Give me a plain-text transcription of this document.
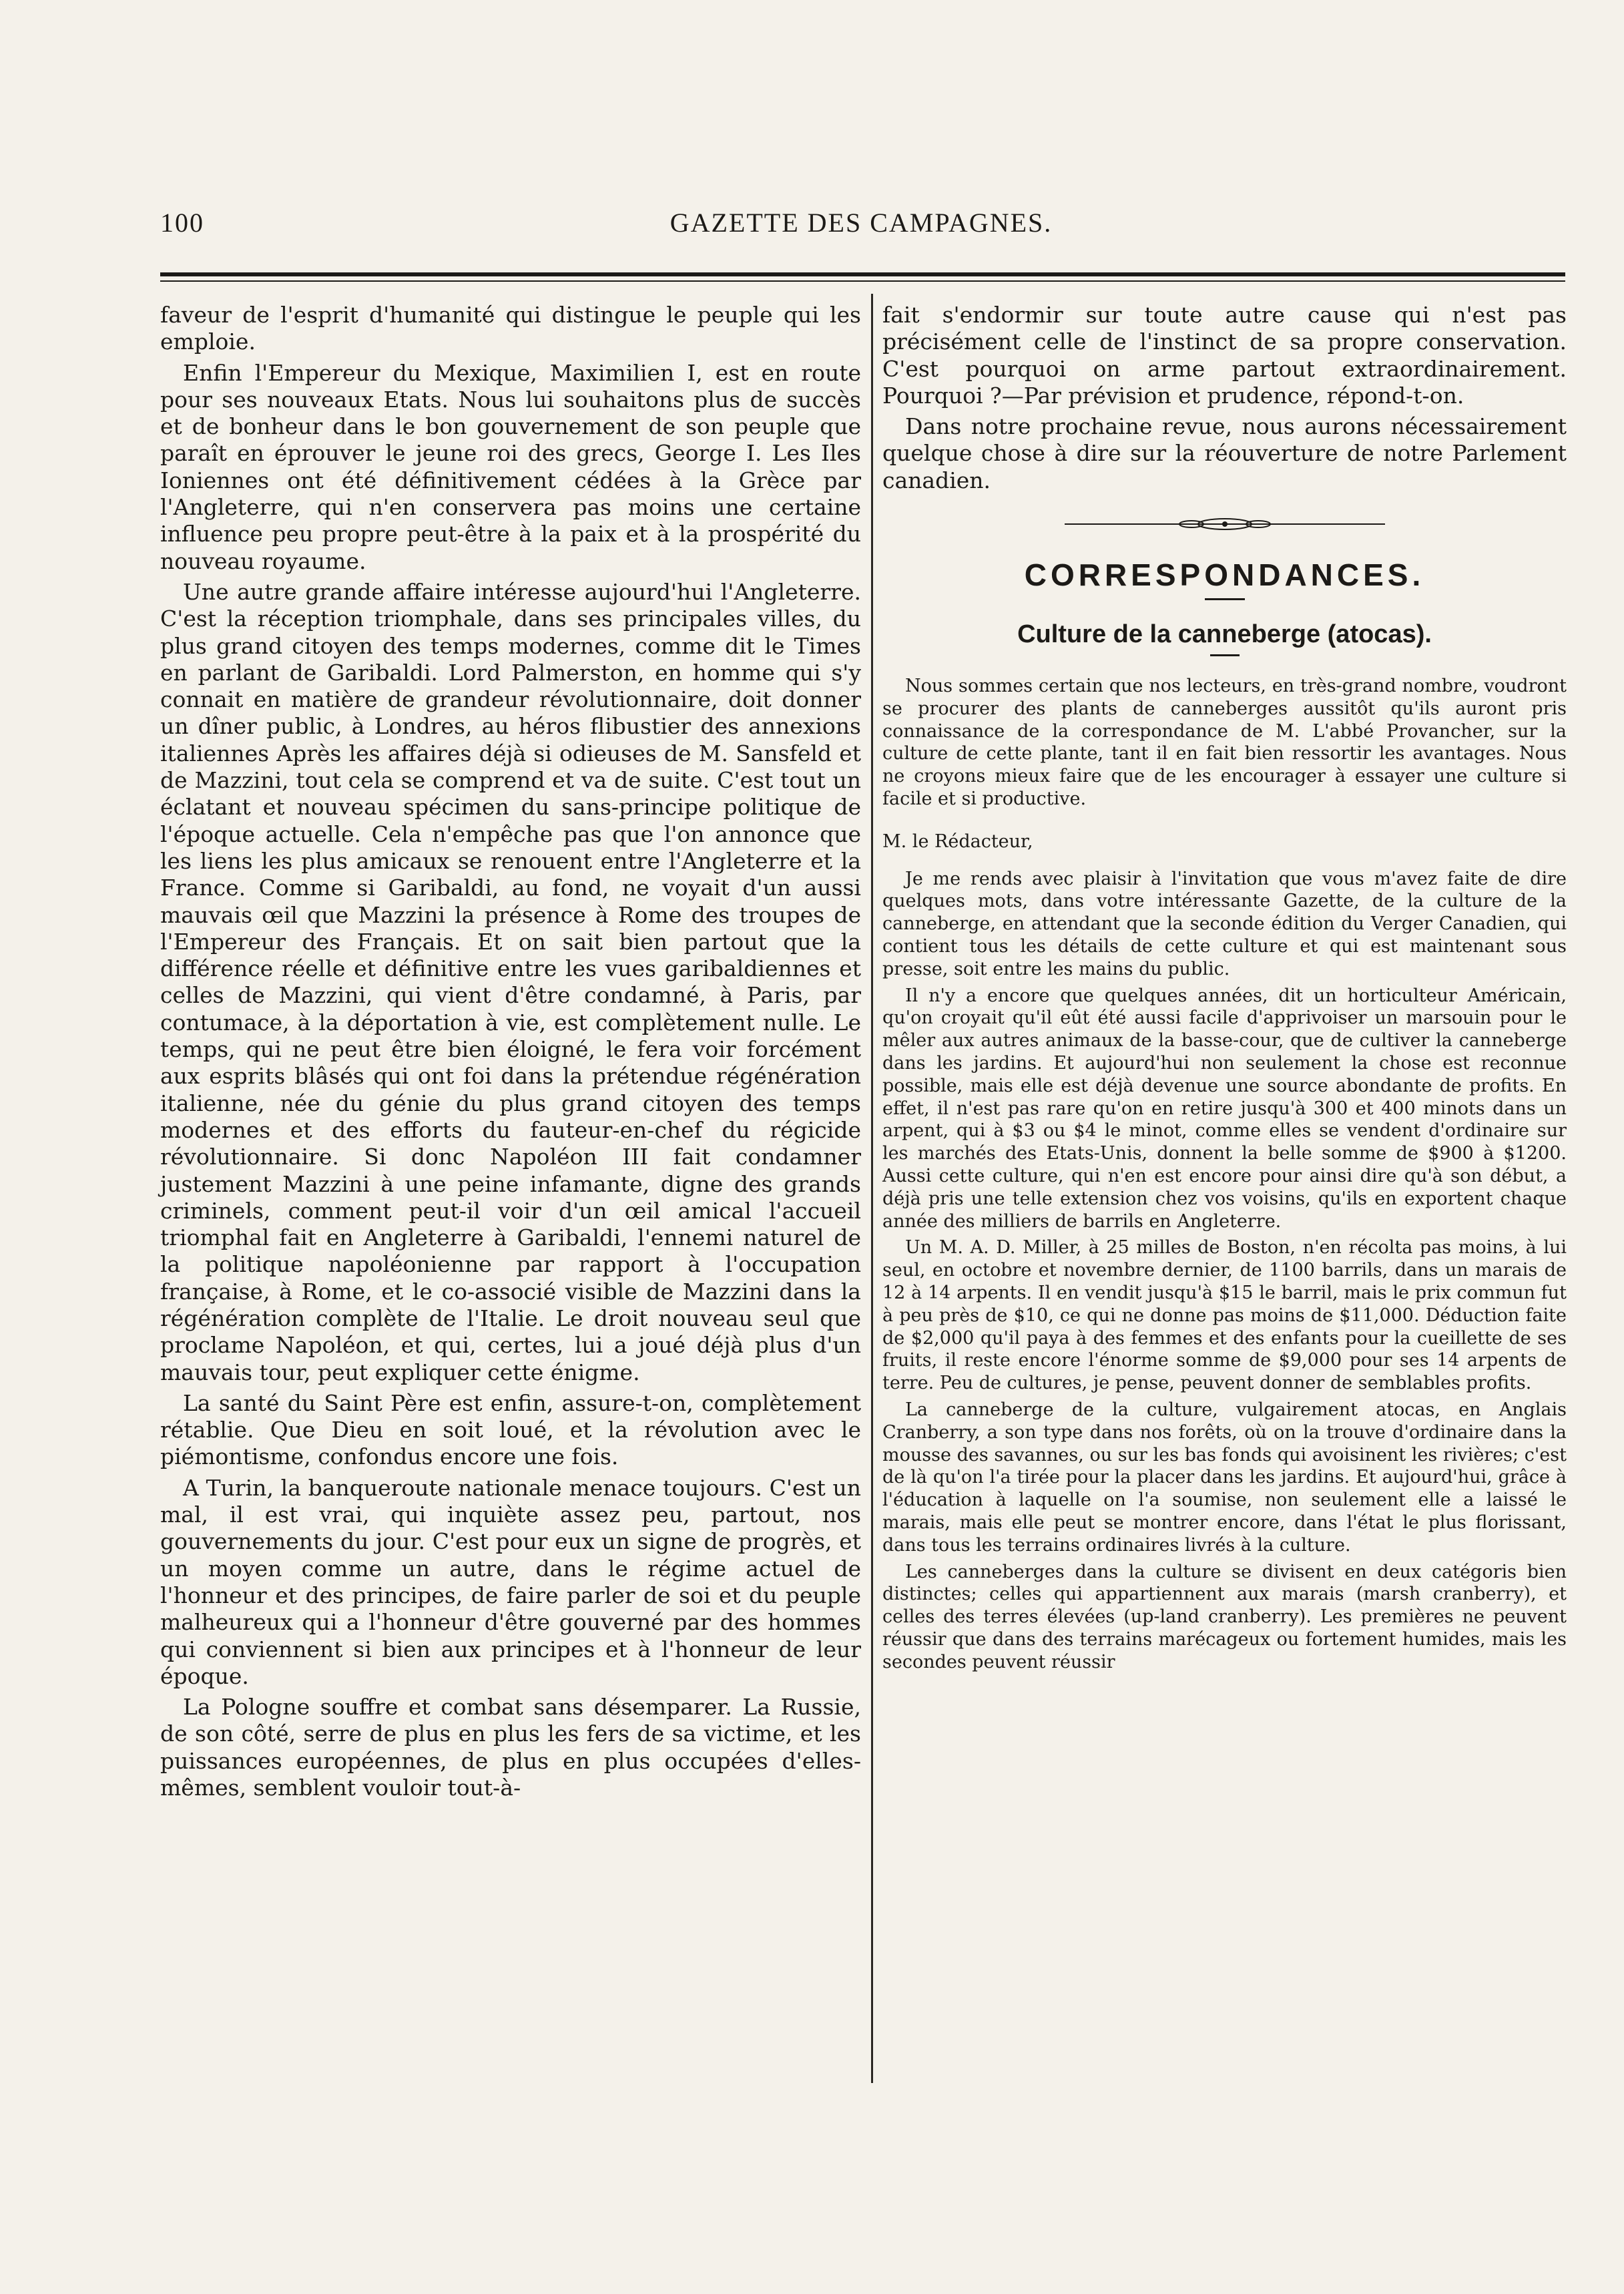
100	GAZETTE DES CAMPAGNES.

faveur de l'esprit d'humanité qui distingue le peuple qui les emploie.

Enfin l'Empereur du Mexique, Maximilien I, est en route pour ses nouveaux Etats. Nous lui souhaitons plus de succès et de bonheur dans le bon gouvernement de son peuple que paraît en éprouver le jeune roi des grecs, George I. Les Iles Ioniennes ont été définitivement cédées à la Grèce par l'Angleterre, qui n'en conservera pas moins une certaine influence peu propre peut-être à la paix et à la prospérité du nouveau royaume.

Une autre grande affaire intéresse aujourd'hui l'Angleterre. C'est la réception triomphale, dans ses principales villes, du plus grand citoyen des temps modernes, comme dit le Times en parlant de Garibaldi. Lord Palmerston, en homme qui s'y connait en matière de grandeur révolutionnaire, doit donner un dîner public, à Londres, au héros flibustier des annexions italiennes Après les affaires déjà si odieuses de M. Sansfeld et de Mazzini, tout cela se comprend et va de suite. C'est tout un éclatant et nouveau spécimen du sans-principe politique de l'époque actuelle. Cela n'empêche pas que l'on annonce que les liens les plus amicaux se renouent entre l'Angleterre et la France. Comme si Garibaldi, au fond, ne voyait d'un aussi mauvais œil que Mazzini la présence à Rome des troupes de l'Empereur des Français. Et on sait bien partout que la différence réelle et définitive entre les vues garibaldiennes et celles de Mazzini, qui vient d'être condamné, à Paris, par contumace, à la déportation à vie, est complètement nulle. Le temps, qui ne peut être bien éloigné, le fera voir forcément aux esprits blâsés qui ont foi dans la prétendue régénération italienne, née du génie du plus grand citoyen des temps modernes et des efforts du fauteur-en-chef du régicide révolutionnaire. Si donc Napoléon III fait condamner justement Mazzini à une peine infamante, digne des grands criminels, comment peut-il voir d'un œil amical l'accueil triomphal fait en Angleterre à Garibaldi, l'ennemi naturel de la politique napoléonienne par rapport à l'occupation française, à Rome, et le co-associé visible de Mazzini dans la régénération complète de l'Italie. Le droit nouveau seul que proclame Napoléon, et qui, certes, lui a joué déjà plus d'un mauvais tour, peut expliquer cette énigme.

La santé du Saint Père est enfin, assure-t-on, complètement rétablie. Que Dieu en soit loué, et la révolution avec le piémontisme, confondus encore une fois.

A Turin, la banqueroute nationale menace toujours. C'est un mal, il est vrai, qui inquiète assez peu, partout, nos gouvernements du jour. C'est pour eux un signe de progrès, et un moyen comme un autre, dans le régime actuel de l'honneur et des principes, de faire parler de soi et du peuple malheureux qui a l'honneur d'être gouverné par des hommes qui conviennent si bien aux principes et à l'honneur de leur époque.

La Pologne souffre et combat sans désemparer. La Russie, de son côté, serre de plus en plus les fers de sa victime, et les puissances européennes, de plus en plus occupées d'elles-mêmes, semblent vouloir tout-à-

fait s'endormir sur toute autre cause qui n'est pas précisément celle de l'instinct de sa propre conservation. C'est pourquoi on arme partout extraordinairement. Pourquoi ?—Par prévision et prudence, répond-t-on.

Dans notre prochaine revue, nous aurons nécessairement quelque chose à dire sur la réouverture de notre Parlement canadien.

CORRESPONDANCES.
Culture de la canneberge (atocas).

Nous sommes certain que nos lecteurs, en très-grand nombre, voudront se procurer des plants de canneberges aussitôt qu'ils auront pris connaissance de la correspondance de M. L'abbé Provancher, sur la culture de cette plante, tant il en fait bien ressortir les avantages. Nous ne croyons mieux faire que de les encourager à essayer une culture si facile et si productive.

M. le Rédacteur,

Je me rends avec plaisir à l'invitation que vous m'avez faite de dire quelques mots, dans votre intéressante Gazette, de la culture de la canneberge, en attendant que la seconde édition du Verger Canadien, qui contient tous les détails de cette culture et qui est maintenant sous presse, soit entre les mains du public.

Il n'y a encore que quelques années, dit un horticulteur Américain, qu'on croyait qu'il eût été aussi facile d'apprivoiser un marsouin pour le mêler aux autres animaux de la basse-cour, que de cultiver la canneberge dans les jardins. Et aujourd'hui non seulement la chose est reconnue possible, mais elle est déjà devenue une source abondante de profits. En effet, il n'est pas rare qu'on en retire jusqu'à 300 et 400 minots dans un arpent, qui à $3 ou $4 le minot, comme elles se vendent d'ordinaire sur les marchés des Etats-Unis, donnent la belle somme de $900 à $1200. Aussi cette culture, qui n'en est encore pour ainsi dire qu'à son début, a déjà pris une telle extension chez vos voisins, qu'ils en exportent chaque année des milliers de barrils en Angleterre.

Un M. A. D. Miller, à 25 milles de Boston, n'en récolta pas moins, à lui seul, en octobre et novembre dernier, de 1100 barrils, dans un marais de 12 à 14 arpents. Il en vendit jusqu'à $15 le barril, mais le prix commun fut à peu près de $10, ce qui ne donne pas moins de $11,000. Déduction faite de $2,000 qu'il paya à des femmes et des enfants pour la cueillette de ses fruits, il reste encore l'énorme somme de $9,000 pour ses 14 arpents de terre. Peu de cultures, je pense, peuvent donner de semblables profits.

La canneberge de la culture, vulgairement atocas, en Anglais Cranberry, a son type dans nos forêts, où on la trouve d'ordinaire dans la mousse des savannes, ou sur les bas fonds qui avoisinent les rivières; c'est de là qu'on l'a tirée pour la placer dans les jardins. Et aujourd'hui, grâce à l'éducation à laquelle on l'a soumise, non seulement elle a laissé le marais, mais elle peut se montrer encore, dans l'état le plus florissant, dans tous les terrains ordinaires livrés à la culture.

Les canneberges dans la culture se divisent en deux catégoris bien distinctes; celles qui appartiennent aux marais (marsh cranberry), et celles des terres élevées (up-land cranberry). Les premières ne peuvent réussir que dans des terrains marécageux ou fortement humides, mais les secondes peuvent réussir
